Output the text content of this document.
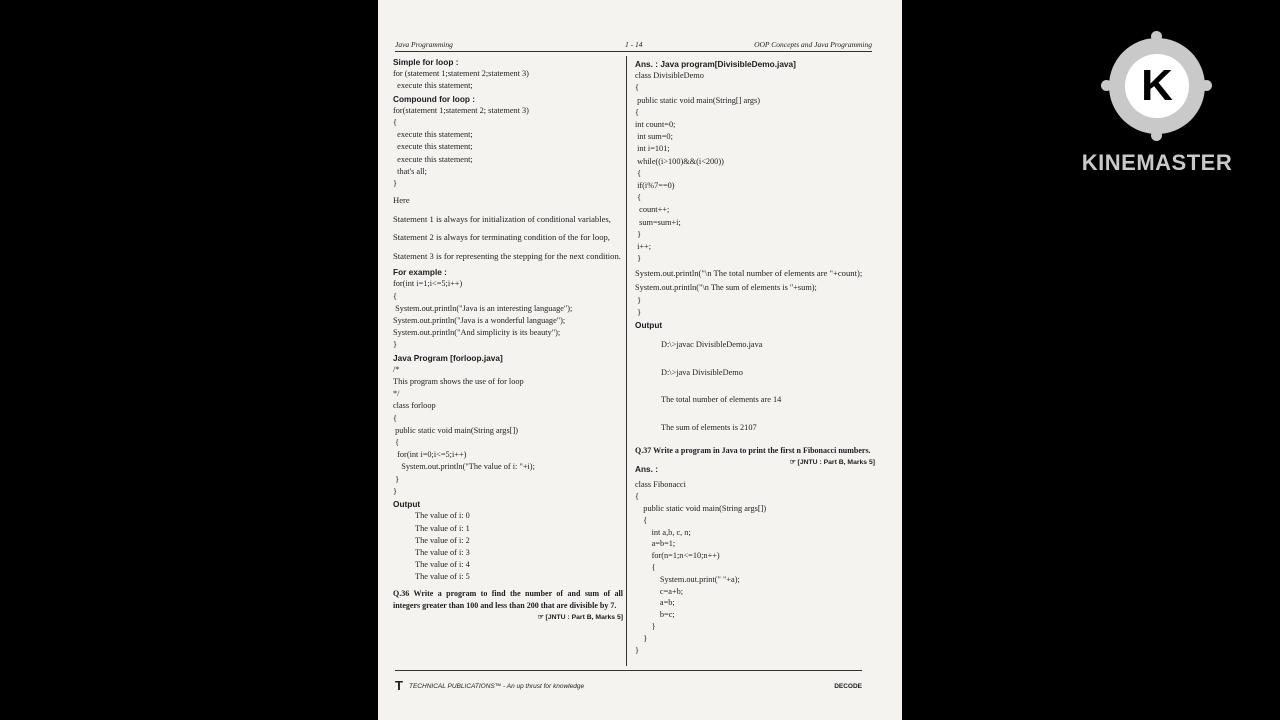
Java Programming	1 - 14	OOP Concepts and Java Programming
Simple for loop :
for (statement 1;statement 2;statement 3)
execute this statement;
Compound for loop :
for(statement 1;statement 2; statement 3)
{
execute this statement;
execute this statement;
execute this statement;
that's all;
}
Here
Statement 1 is always for initialization of conditional variables,
Statement 2 is always for terminating condition of the for loop,
Statement 3 is for representing the stepping for the next condition.
For example :
for(int i=1;i<=5;i++)
{
System.out.println("Java is an interesting language");
System.out.println("Java is a wonderful language");
System.out.println("And simplicity is its beauty");
}
Java Program [forloop.java]
/*
This program shows the use of for loop
*/
class forloop
{
public static void main(String args[])
{
for(int i=0;i<=5;i++)
System.out.println("The value of i: "+i);
}
}
Output
The value of i: 0
The value of i: 1
The value of i: 2
The value of i: 3
The value of i: 4
The value of i: 5
Q.36 Write a program to find the number of and sum of all integers greater than 100 and less than 200 that are divisible by 7.
☞ [JNTU : Part B, Marks 5]
Ans. : Java program[DivisibleDemo.java]
class DivisibleDemo
{
public static void main(String[] args)
{
int count=0;
int sum=0;
int i=101;
while((i>100)&&(i<200))
{
if(i%7==0)
{
count++;
sum=sum+i;
}
i++;
}
System.out.println("\n The total number of elements are "+count);
System.out.println("\n The sum of elements is "+sum);
}
}
Output
D:\>javac DivisibleDemo.java
D:\>java DivisibleDemo
The total number of elements are 14
The sum of elements is 2107
Q.37 Write a program in Java to print the first n Fibonacci numbers.
☞ [JNTU : Part B, Marks 5]
Ans. :
class Fibonacci
{
public static void main(String args[])
{
int a,b, c, n;
a=b=1;
for(n=1;n<=10;n++)
{
System.out.print(" "+a);
c=a+b;
a=b;
b=c;
}
}
}
T TECHNICAL PUBLICATIONS™ - An up thrust for knowledge	DECODE
K
KINEMASTER
